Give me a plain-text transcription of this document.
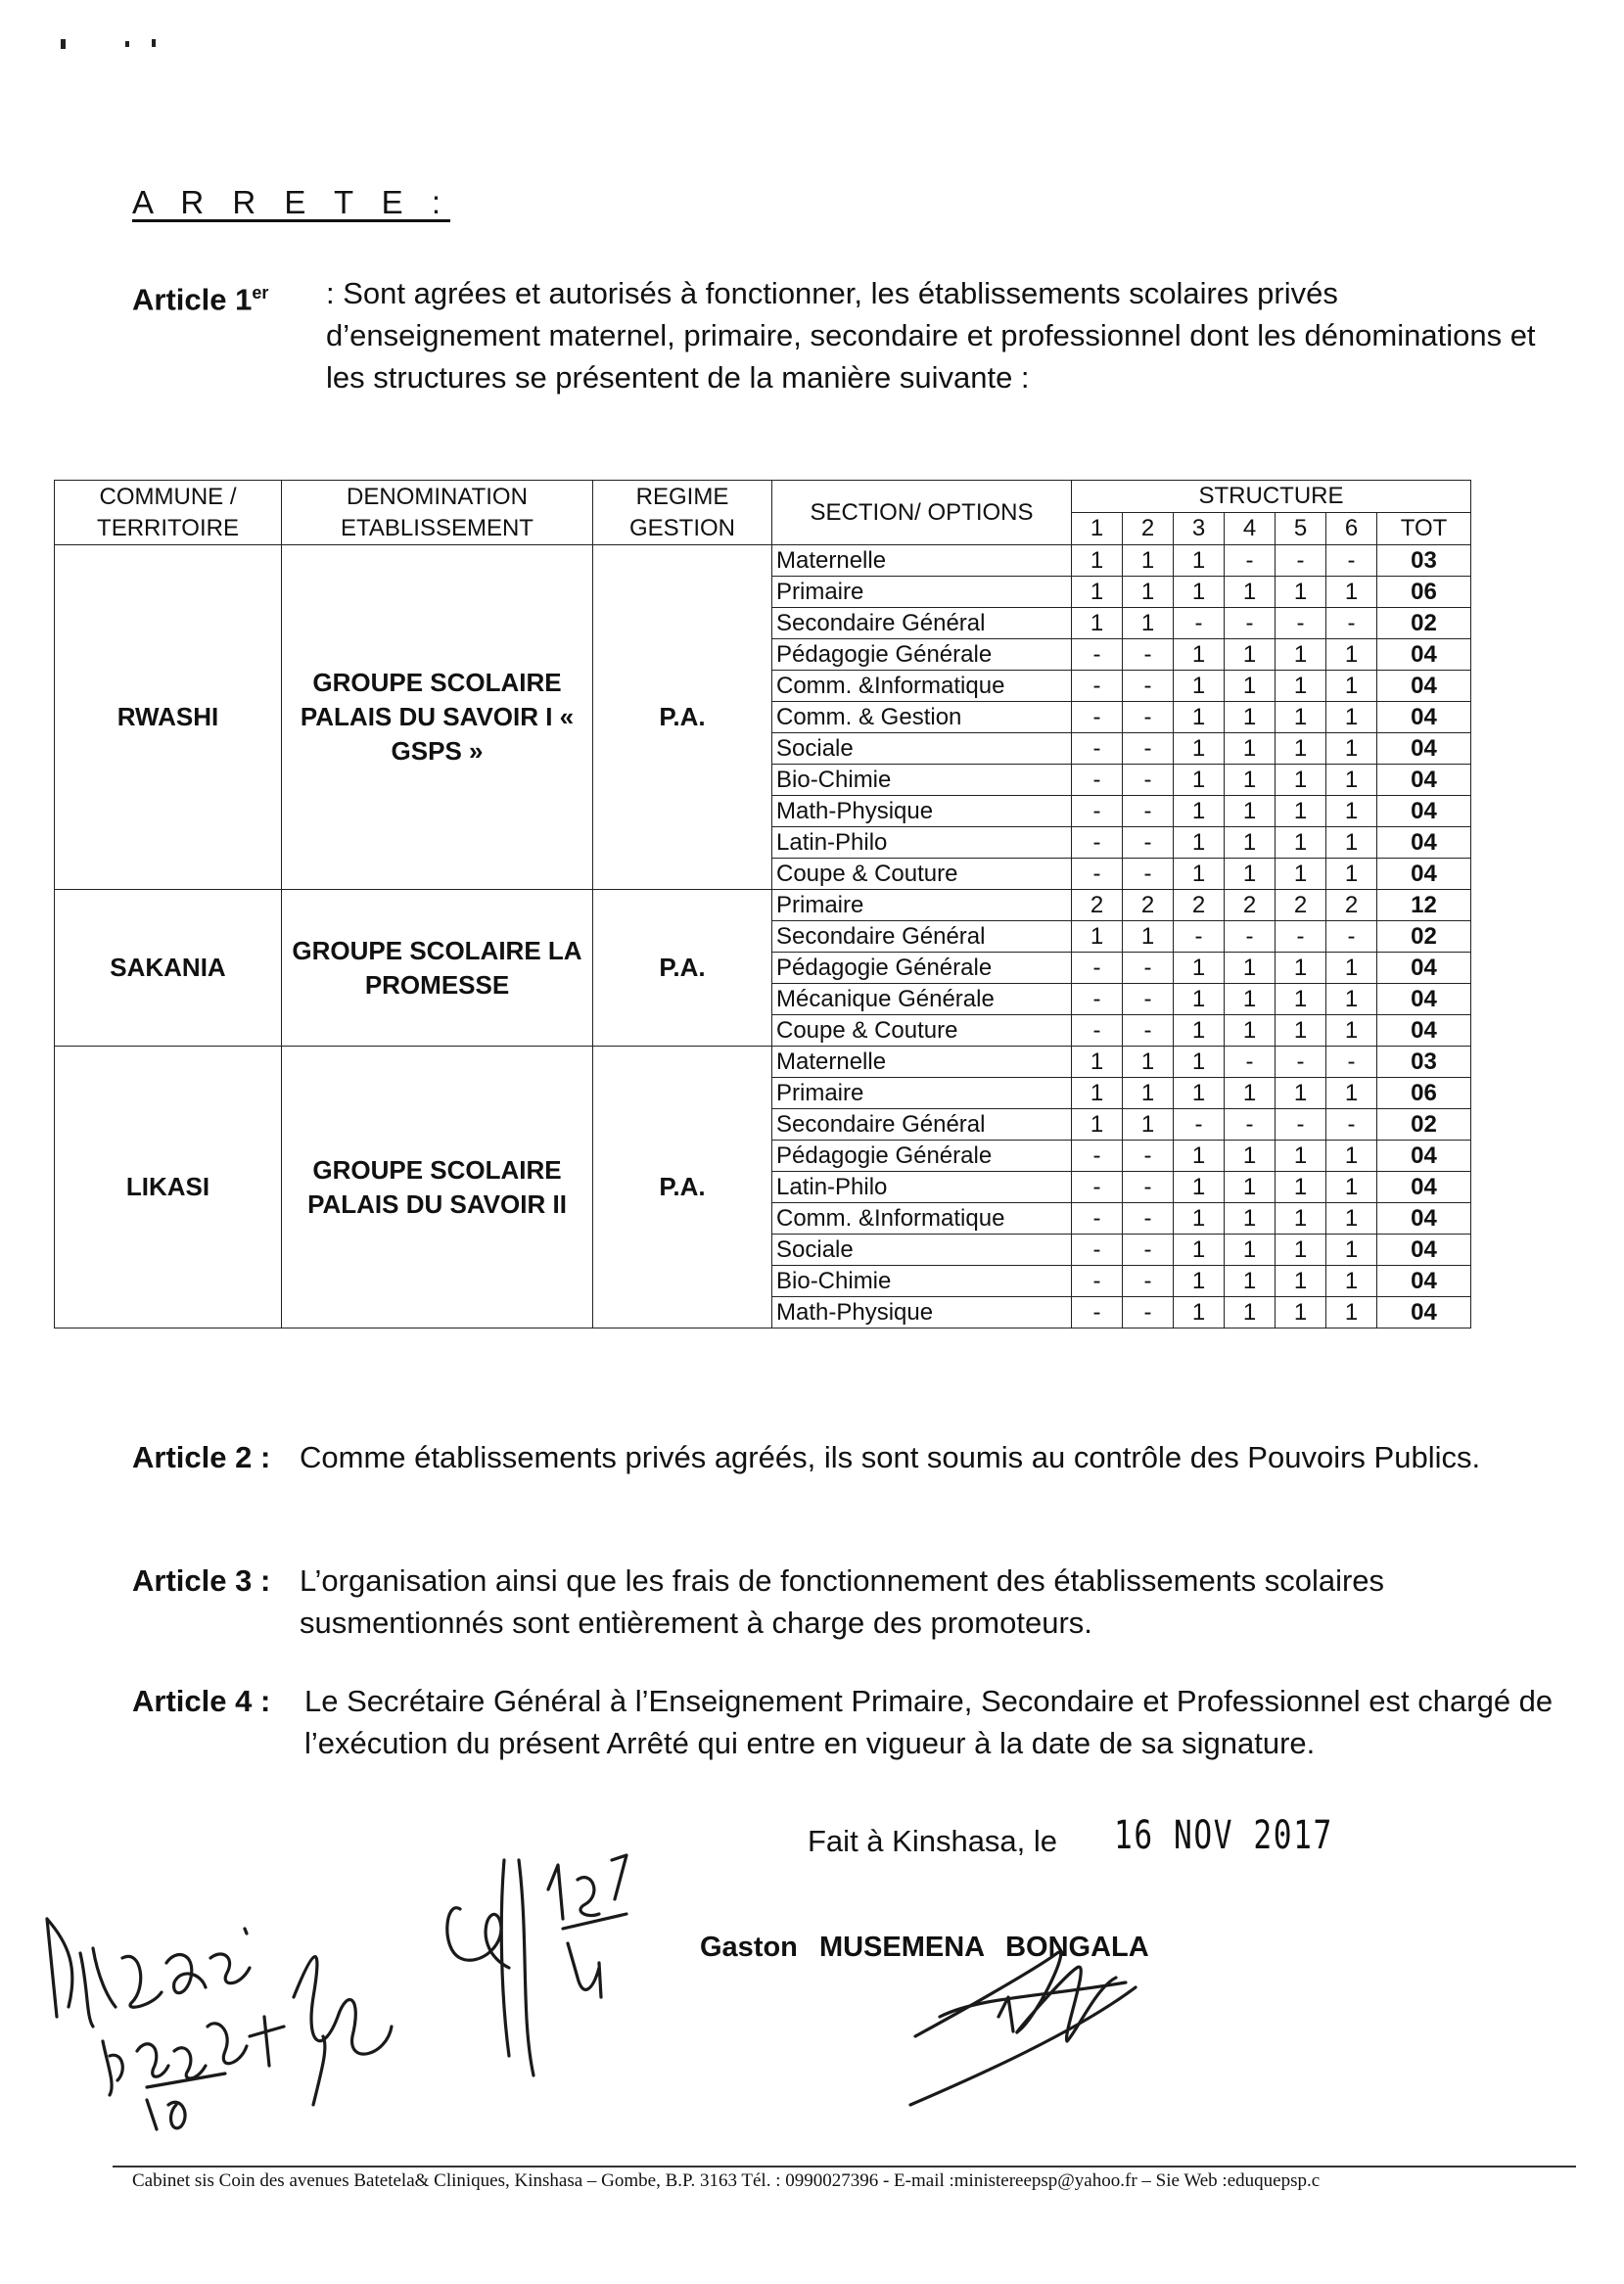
A R R E T E :
Article 1er : Sont agrées et autorisés à fonctionner, les établissements scolaires privés d’enseignement maternel, primaire, secondaire et professionnel dont les dénominations et les structures se présentent de la manière suivante :
COMMUNE / TERRITOIRE	DENOMINATION ETABLISSEMENT	REGIME GESTION	SECTION/ OPTIONS	STRUCTURE						
				1	2	3	4	5	6	TOT
RWASHI	GROUPE SCOLAIRE PALAIS DU SAVOIR I « GSPS »	P.A.	Maternelle	1	1	1	-	-	-	03
			Primaire	1	1	1	1	1	1	06
			Secondaire Général	1	1	-	-	-	-	02
			Pédagogie Générale	-	-	1	1	1	1	04
			Comm. &Informatique	-	-	1	1	1	1	04
			Comm. & Gestion	-	-	1	1	1	1	04
			Sociale	-	-	1	1	1	1	04
			Bio-Chimie	-	-	1	1	1	1	04
			Math-Physique	-	-	1	1	1	1	04
			Latin-Philo	-	-	1	1	1	1	04
			Coupe & Couture	-	-	1	1	1	1	04
SAKANIA	GROUPE SCOLAIRE LA PROMESSE	P.A.	Primaire	2	2	2	2	2	2	12
			Secondaire Général	1	1	-	-	-	-	02
			Pédagogie Générale	-	-	1	1	1	1	04
			Mécanique Générale	-	-	1	1	1	1	04
			Coupe & Couture	-	-	1	1	1	1	04
LIKASI	GROUPE SCOLAIRE PALAIS DU SAVOIR II	P.A.	Maternelle	1	1	1	-	-	-	03
			Primaire	1	1	1	1	1	1	06
			Secondaire Général	1	1	-	-	-	-	02
			Pédagogie Générale	-	-	1	1	1	1	04
			Latin-Philo	-	-	1	1	1	1	04
			Comm. &Informatique	-	-	1	1	1	1	04
			Sociale	-	-	1	1	1	1	04
			Bio-Chimie	-	-	1	1	1	1	04
			Math-Physique	-	-	1	1	1	1	04
Article 2 : Comme établissements privés agréés, ils sont soumis au contrôle des Pouvoirs Publics.
Article 3 : L’organisation ainsi que les frais de fonctionnement des établissements scolaires susmentionnés sont entièrement à charge des promoteurs.
Article 4 : Le Secrétaire Général à l’Enseignement Primaire, Secondaire et Professionnel est chargé de l’exécution du présent Arrêté qui entre en vigueur à la date de sa signature.
Fait à Kinshasa, le 16 NOV 2017
Gaston MUSEMENA BONGALA
Cabinet sis Coin des avenues Batetela& Cliniques, Kinshasa – Gombe, B.P. 3163 Tél. : 0990027396 - E-mail :ministereepsp@yahoo.fr – Sie Web :eduquepsp.c
